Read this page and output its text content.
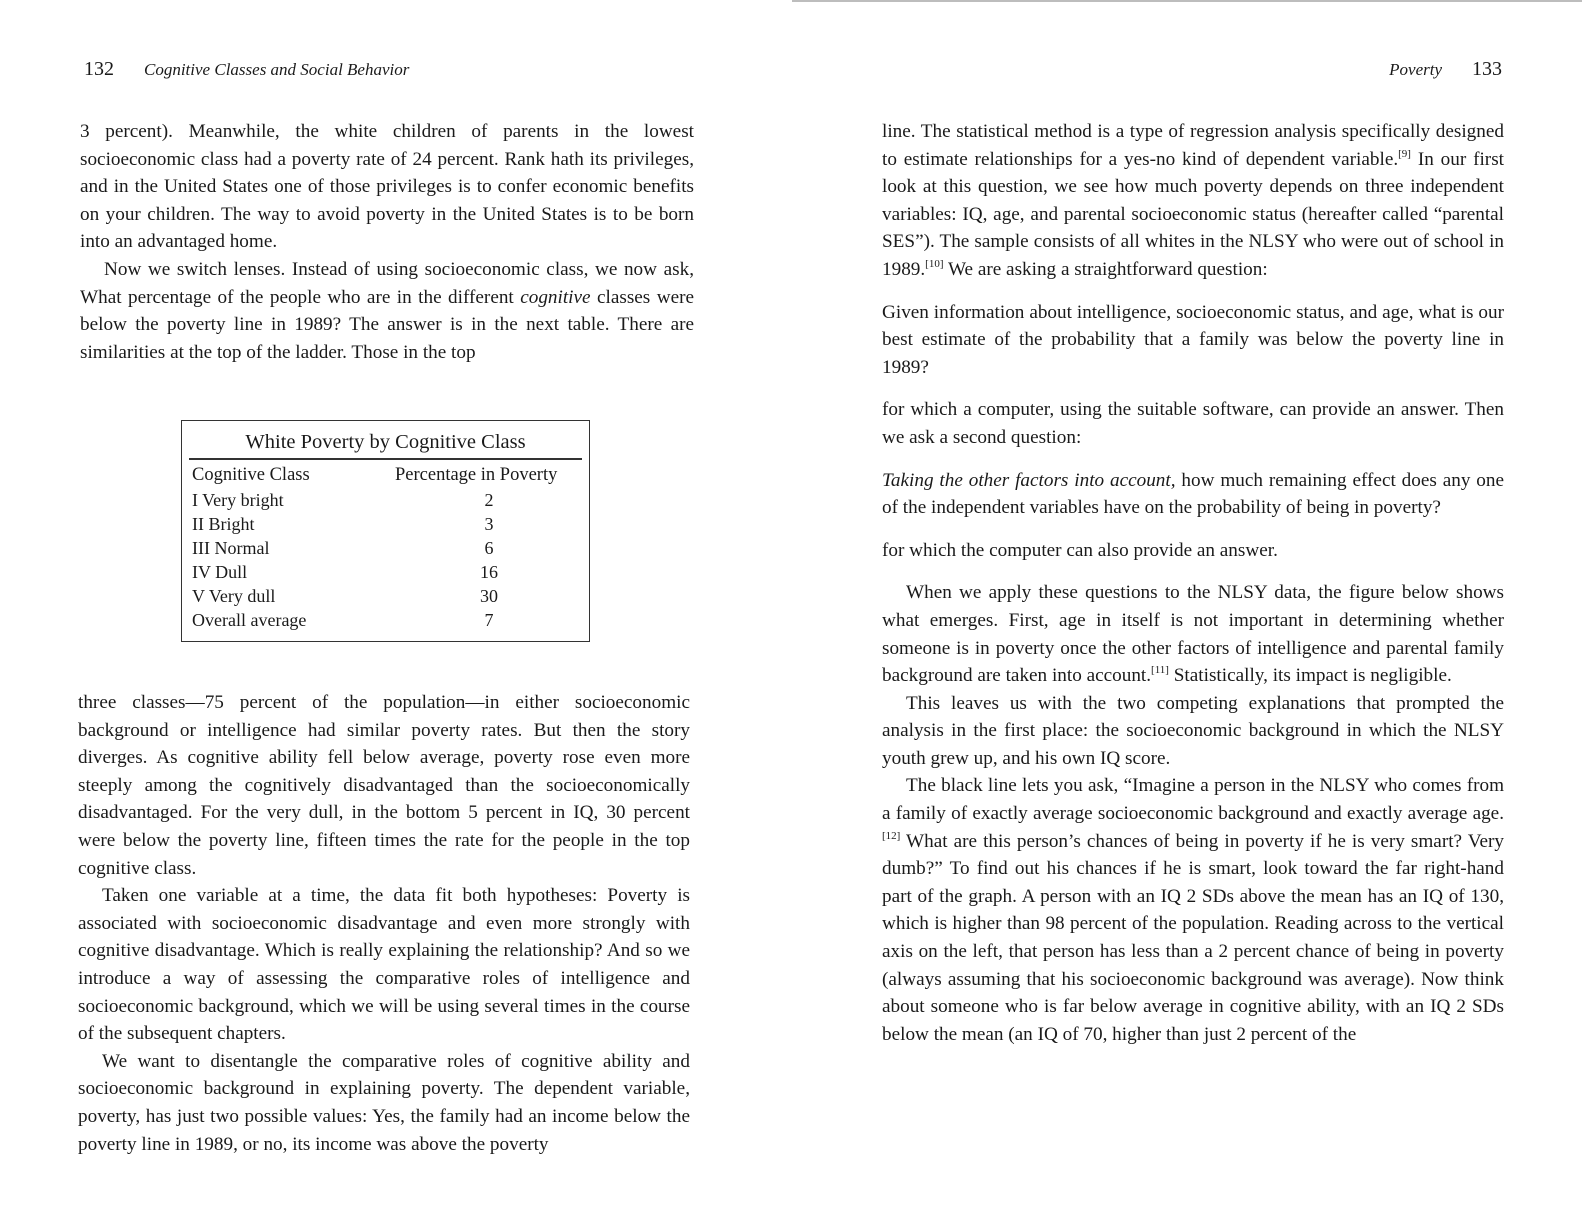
132 Cognitive Classes and Social Behavior

3 percent). Meanwhile, the white children of parents in the lowest socioeconomic class had a poverty rate of 24 percent. Rank hath its privileges, and in the United States one of those privileges is to confer economic benefits on your children. The way to avoid poverty in the United States is to be born into an advantaged home.

Now we switch lenses. Instead of using socioeconomic class, we now ask, What percentage of the people who are in the different cognitive classes were below the poverty line in 1989? The answer is in the next table. There are similarities at the top of the ladder. Those in the top

White Poverty by Cognitive Class
Cognitive Class	Percentage in Poverty
I Very bright	2
II Bright	3
III Normal	6
IV Dull	16
V Very dull	30
Overall average	7

three classes—75 percent of the population—in either socioeconomic background or intelligence had similar poverty rates. But then the story diverges. As cognitive ability fell below average, poverty rose even more steeply among the cognitively disadvantaged than the socioeconomically disadvantaged. For the very dull, in the bottom 5 percent in IQ, 30 percent were below the poverty line, fifteen times the rate for the people in the top cognitive class.

Taken one variable at a time, the data fit both hypotheses: Poverty is associated with socioeconomic disadvantage and even more strongly with cognitive disadvantage. Which is really explaining the relationship? And so we introduce a way of assessing the comparative roles of intelligence and socioeconomic background, which we will be using several times in the course of the subsequent chapters.

We want to disentangle the comparative roles of cognitive ability and socioeconomic background in explaining poverty. The dependent variable, poverty, has just two possible values: Yes, the family had an income below the poverty line in 1989, or no, its income was above the poverty

Poverty 133

line. The statistical method is a type of regression analysis specifically designed to estimate relationships for a yes-no kind of dependent variable.[9] In our first look at this question, we see how much poverty depends on three independent variables: IQ, age, and parental socioeconomic status (hereafter called “parental SES”). The sample consists of all whites in the NLSY who were out of school in 1989.[10] We are asking a straightforward question:

Given information about intelligence, socioeconomic status, and age, what is our best estimate of the probability that a family was below the poverty line in 1989?

for which a computer, using the suitable software, can provide an answer. Then we ask a second question:

Taking the other factors into account, how much remaining effect does any one of the independent variables have on the probability of being in poverty?

for which the computer can also provide an answer.

When we apply these questions to the NLSY data, the figure below shows what emerges. First, age in itself is not important in determining whether someone is in poverty once the other factors of intelligence and parental family background are taken into account.[11] Statistically, its impact is negligible.

This leaves us with the two competing explanations that prompted the analysis in the first place: the socioeconomic background in which the NLSY youth grew up, and his own IQ score.

The black line lets you ask, “Imagine a person in the NLSY who comes from a family of exactly average socioeconomic background and exactly average age.[12] What are this person’s chances of being in poverty if he is very smart? Very dumb?” To find out his chances if he is smart, look toward the far right-hand part of the graph. A person with an IQ 2 SDs above the mean has an IQ of 130, which is higher than 98 percent of the population. Reading across to the vertical axis on the left, that person has less than a 2 percent chance of being in poverty (always assuming that his socioeconomic background was average). Now think about someone who is far below average in cognitive ability, with an IQ 2 SDs below the mean (an IQ of 70, higher than just 2 percent of the
